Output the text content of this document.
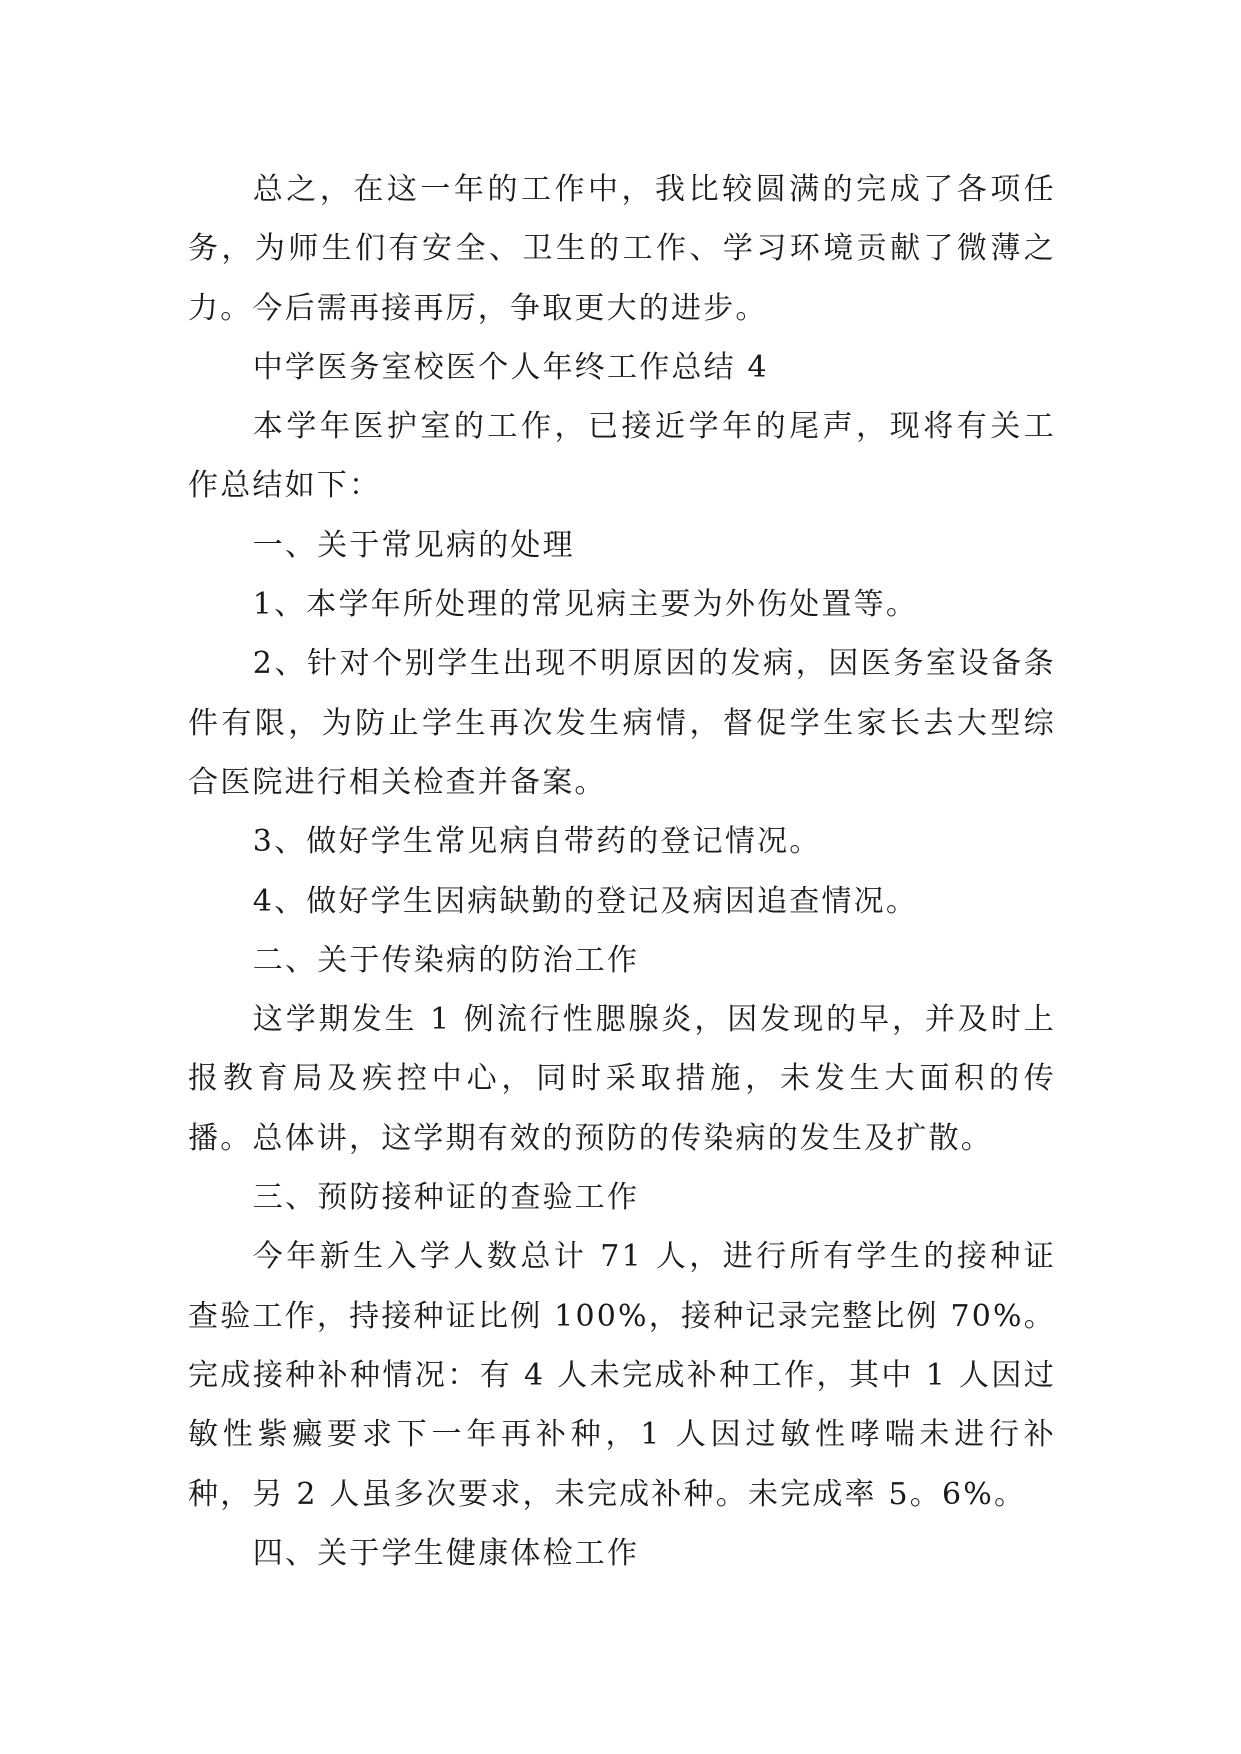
总之，在这一年的工作中，我比较圆满的完成了各项任务，为师生们有安全、卫生的工作、学习环境贡献了微薄之力。今后需再接再厉，争取更大的进步。

中学医务室校医个人年终工作总结 4

本学年医护室的工作，已接近学年的尾声，现将有关工作总结如下：

一、关于常见病的处理

1、本学年所处理的常见病主要为外伤处置等。

2、针对个别学生出现不明原因的发病，因医务室设备条件有限，为防止学生再次发生病情，督促学生家长去大型综合医院进行相关检查并备案。

3、做好学生常见病自带药的登记情况。

4、做好学生因病缺勤的登记及病因追查情况。

二、关于传染病的防治工作

这学期发生 1 例流行性腮腺炎，因发现的早，并及时上报教育局及疾控中心，同时采取措施，未发生大面积的传播。总体讲，这学期有效的预防的传染病的发生及扩散。

三、预防接种证的查验工作

今年新生入学人数总计 71 人，进行所有学生的接种证查验工作，持接种证比例 100%，接种记录完整比例 70%。完成接种补种情况：有 4 人未完成补种工作，其中 1 人因过敏性紫癜要求下一年再补种，1 人因过敏性哮喘未进行补种，另 2 人虽多次要求，未完成补种。未完成率 5。6%。

四、关于学生健康体检工作
